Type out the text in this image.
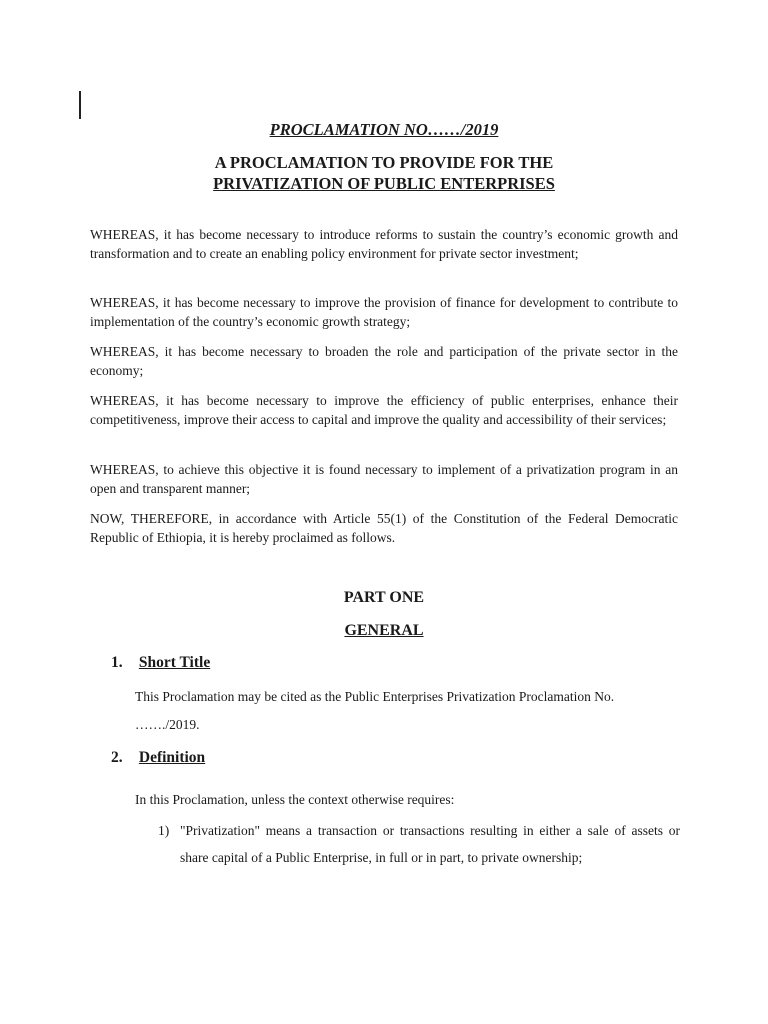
PROCLAMATION NO……/2019
A PROCLAMATION TO PROVIDE FOR THE
PRIVATIZATION OF PUBLIC ENTERPRISES
WHEREAS, it has become necessary to introduce reforms to sustain the country’s economic growth and transformation and to create an enabling policy environment for private sector investment;
WHEREAS, it has become necessary to improve the provision of finance for development to contribute to implementation of the country’s economic growth strategy;
WHEREAS, it has become necessary to broaden the role and participation of the private sector in the economy;
WHEREAS, it has become necessary to improve the efficiency of public enterprises, enhance their competitiveness, improve their access to capital and improve the quality and accessibility of their services;
WHEREAS, to achieve this objective it is found necessary to implement of a privatization program in an open and transparent manner;
NOW, THEREFORE, in accordance with Article 55(1) of the Constitution of the Federal Democratic Republic of Ethiopia, it is hereby proclaimed as follows.
PART ONE
GENERAL
1. Short Title
This Proclamation may be cited as the Public Enterprises Privatization Proclamation No. ……./2019.
2. Definition
In this Proclamation, unless the context otherwise requires:
1) "Privatization" means a transaction or transactions resulting in either a sale of assets or share capital of a Public Enterprise, in full or in part, to private ownership;
